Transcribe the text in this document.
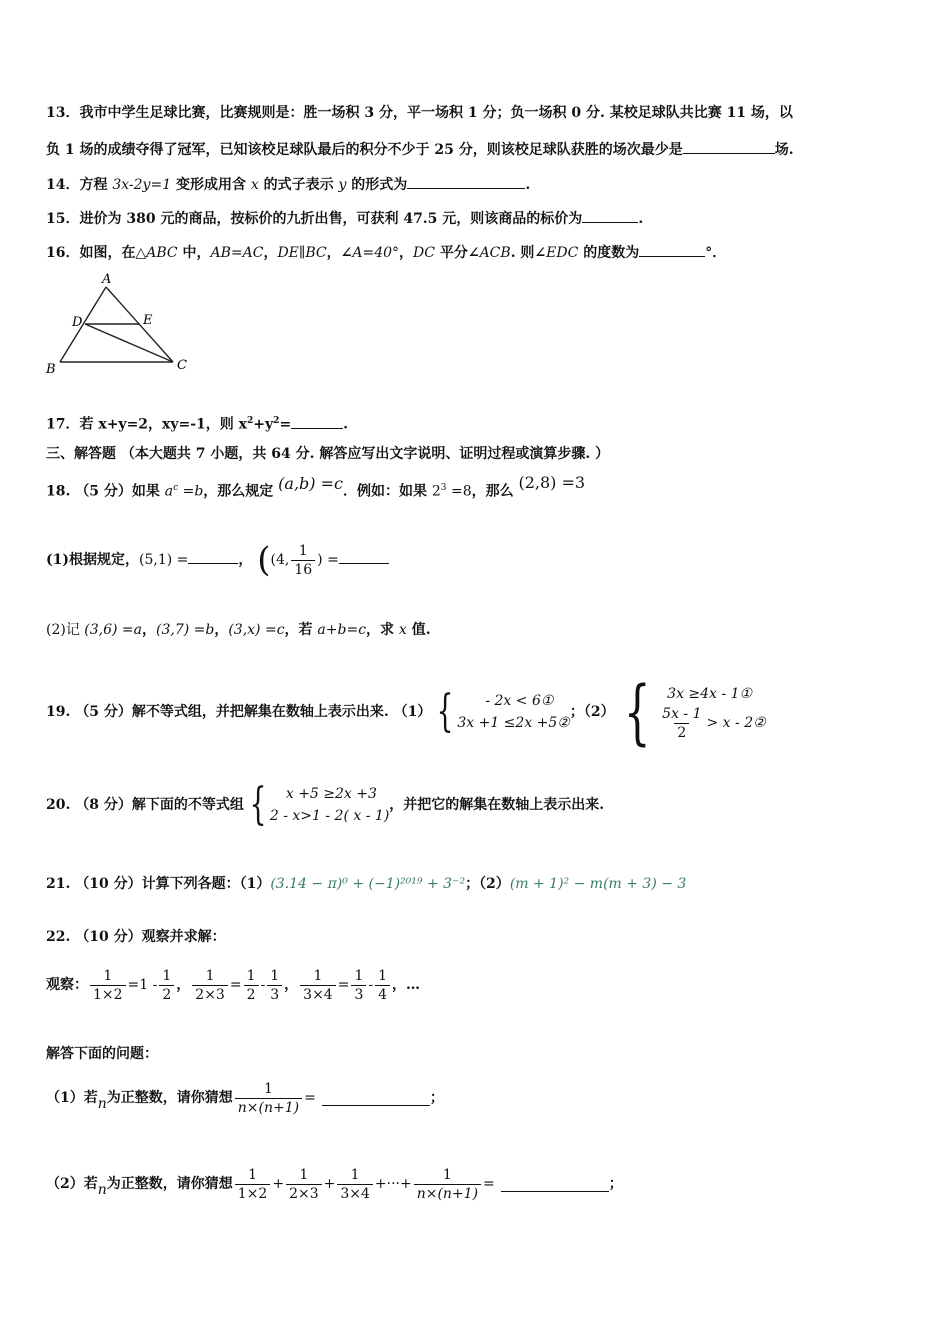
13．我市中学生足球比赛，比赛规则是：胜一场积 3 分，平一场积 1 分；负一场积 0 分. 某校足球队共比赛 11 场，以
负 1 场的成绩夺得了冠军，已知该校足球队最后的积分不少于 25 分，则该校足球队获胜的场次最少是	场.
14．方程 3x-2y=1 变形成用含 x 的式子表示 y 的形式为	.
15．进价为 380 元的商品，按标价的九折出售，可获利 47.5 元，则该商品的标价为	.
16．如图，在△ABC 中，AB=AC，DE∥BC，∠A=40°，DC 平分∠ACB. 则∠EDC 的度数为	°．
A
D	E
B	C
17．若 x+y=2，xy=-1，则 $x^2+y^2=$	.
三、解答题 （本大题共 7 小题，共 64 分. 解答应写出文字说明、证明过程或演算步骤. ）
18. （5 分）如果 $a^c =b$，那么规定 (a,b) =c．例如：如果 $2^3 =8$，那么 (2,8) =3
(1)根据规定，(5,1) =	， ( (4, $\frac{1}{16}$ ) =
(2)记 (3,6) =a，(3,7) =b，(3,x) =c，若 a+b=c，求 x 值.
19. （5 分）解不等式组，并把解集在数轴上表示出来. （1） {	- 2x < 6①
3x +1 ≤2x +5②
；（2） {	3x ≥4x - 1①
$\frac{5x - 1}{2} > x$ - 2②
20. （8 分）解下面的不等式组 {	x +5 ≥2x +3
2 - x>1 - 2( x - 1)
，并把它的解集在数轴上表示出来.
21. （10 分）计算下列各题：（1）(3.14 − π)⁰ + (−1)²⁰¹⁹ + 3⁻²；（2）(m + 1)² − m(m + 3) − 3
22. （10 分）观察并求解：
观察： $\frac{1}{1\times 2} =1 - \frac{1}{2}$ ， $\frac{1}{2\times 3} = \frac{1}{2} - \frac{1}{3}$ ， $\frac{1}{3\times 4} = \frac{1}{3} - \frac{1}{4}$ ，…
解答下面的问题：
（1）若 n 为正整数，请你猜想 $\frac{1}{n\times(n+1)}$ =	；
（2）若 n 为正整数，请你猜想 $\frac{1}{1\times 2} + \frac{1}{2\times 3} + \frac{1}{3\times 4}$ +···+ $\frac{1}{n\times(n+1)}$ =	；
